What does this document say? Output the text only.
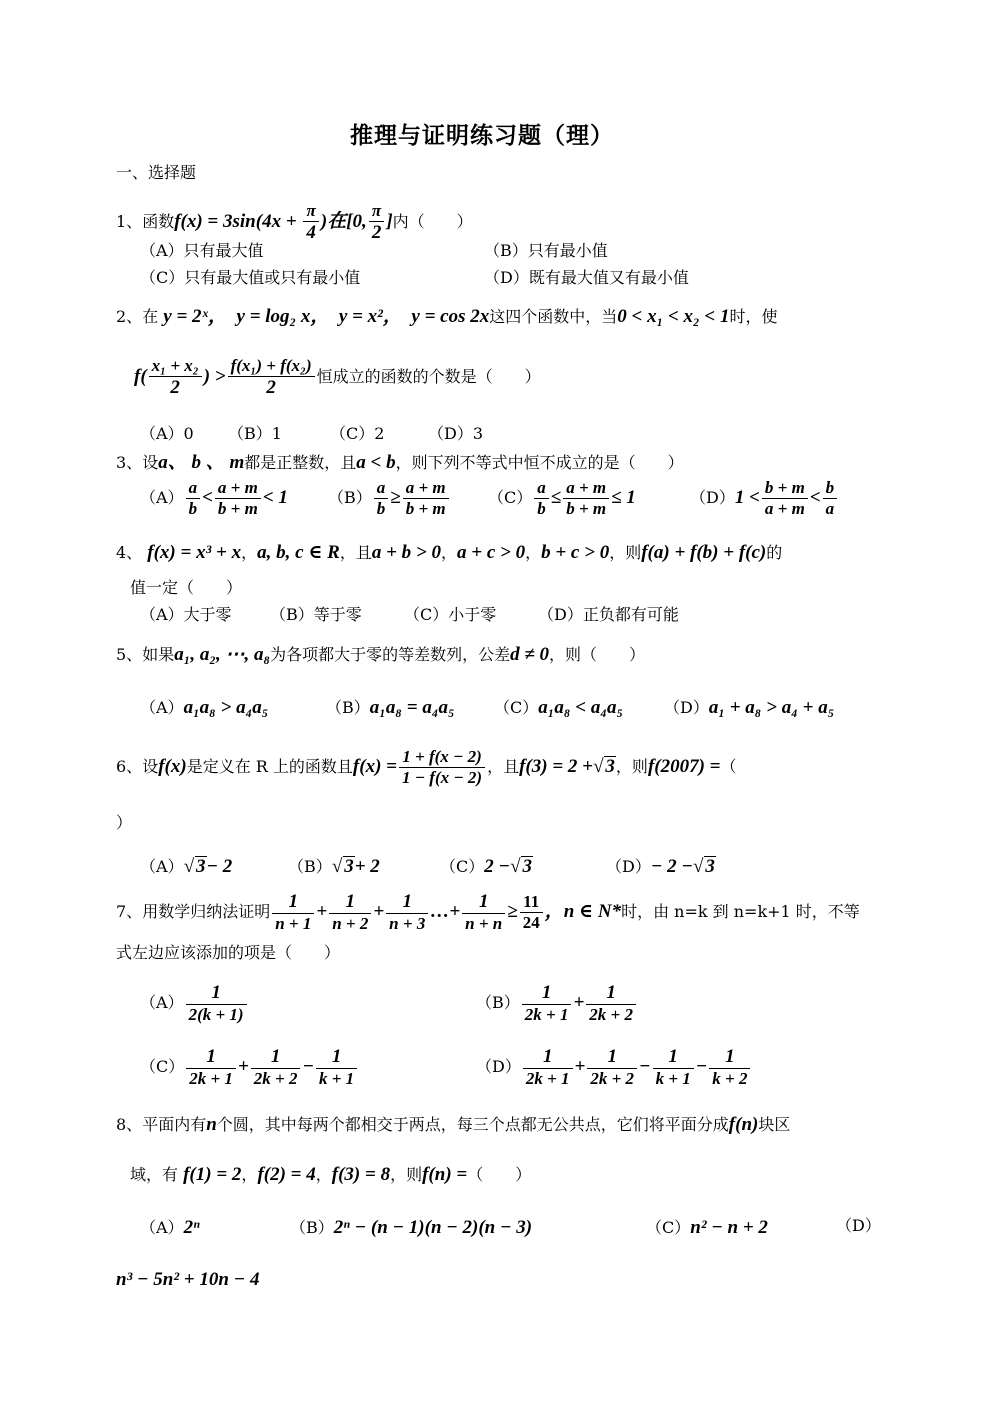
推理与证明练习题（理）
一、选择题
1、函数$f(x) = 3\sin(4x + \frac{\pi}{4}$ )在[0, $\frac{\pi}{2}$ ]内（　　）
（A）只有最大值	（B）只有最小值
（C）只有最大值或只有最小值	（D）既有最大值又有最小值
2、在 y = 2ˣ，　y = log₂ x，　y = x²，　y = cos 2x这四个函数中，当0 < x₁ < x₂ < 1时，使
$f( \frac{\text{x₁ + x₂}}{2}$ ) > $\frac{\text{f(x₁) + f(x₂)}}{2}$ 恒成立的函数的个数是（　　）
（A）0 （B）1	（C）2	（D）3
3、设a、 b 、 m都是正整数，且a < b，则下列不等式中恒不成立的是（　　）
$(A) \frac{a}{b} < \frac{a + m}{b + m} < 1$	$(B) \frac{a}{b} \ge \frac{a + m}{b + m} (C) \frac{a}{b} \le \frac{a + m}{b + m} \le 1$	$(D)1 < \frac{b + m}{a + m} < \frac{b}{a}$
4、 f(x) = x³ + x，a, b, c ∈ R，且a + b > 0，a + c > 0，b + c > 0，则f(a) + f(b) + f(c)的
值一定（　　）
（A）大于零 （B）等于零	（C）小于零	（D）正负都有可能
5、如果a₁, a₂, ⋯, a₈为各项都大于零的等差数列，公差d ≠ 0，则（　　）
（A）a₁a₈ > a₄a₅	（B）a₁a₈ = a₄a₅ （C）a₁a₈ < a₄a₅	（D）a₁ + a₈ > a₄ + a₅
6、设f(x)是定义在 R 上的函数且$f(x) = \frac{1 + f(x - 2)}{1 - f(x - 2)}$ ，且f(3) = 2 +√ 3，则f(2007) =（
）
（A）√ 3− 2	（B）√ 3+ 2	（C）2 −√ 3	（D）− 2 −√ 3
7、用数学归纳法证明 $\frac{1}{n + 1} + \frac{1}{n + 2} + \frac{1}{n + 3}$ …+ $\frac{1}{n + n} \ge \frac{11}{24}$ ，n ∈ N*时，由 n=k 到 n=k+1 时，不等
式左边应该添加的项是（　　）
$(A) \frac{1}{2(k + 1)}$	$(B) \frac{1}{2k + 1} + \frac{1}{2k + 2}$
$(C) \frac{1}{2k + 1} + \frac{1}{2k + 2} - \frac{1}{k + 1}$	$(D) \frac{1}{2k + 1} + \frac{1}{2k + 2} - \frac{1}{k + 1} - \frac{1}{k + 2}$
8、平面内有n个圆，其中每两个都相交于两点，每三个点都无公共点，它们将平面分成f(n)块区
域，有 f(1) = 2，f(2) = 4，f(3) = 8，则f(n) =（　　）
（A）2ⁿ	（B）2ⁿ − (n − 1)(n − 2)(n − 3)	（C）n² − n + 2	（D）
n³ − 5n² + 10n − 4
